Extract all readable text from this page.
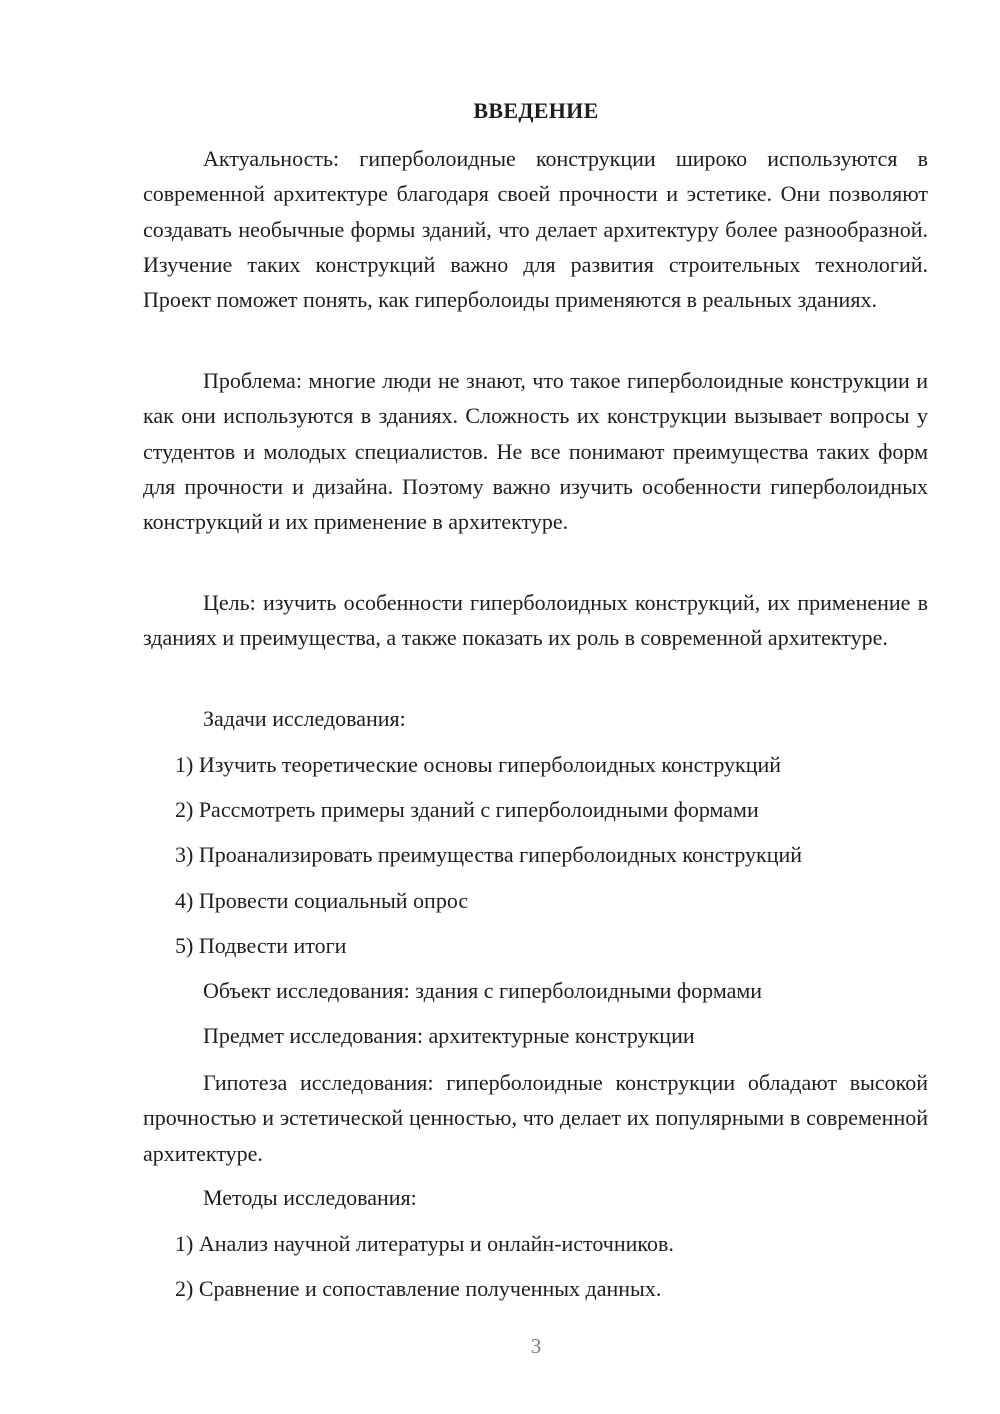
ВВЕДЕНИЕ

Актуальность: гиперболоидные конструкции широко используются в современной архитектуре благодаря своей прочности и эстетике. Они позволяют создавать необычные формы зданий, что делает архитектуру более разнообразной. Изучение таких конструкций важно для развития строительных технологий. Проект поможет понять, как гиперболоиды применяются в реальных зданиях.

Проблема: многие люди не знают, что такое гиперболоидные конструкции и как они используются в зданиях. Сложность их конструкции вызывает вопросы у студентов и молодых специалистов. Не все понимают преимущества таких форм для прочности и дизайна. Поэтому важно изучить особенности гиперболоидных конструкций и их применение в архитектуре.

Цель: изучить особенности гиперболоидных конструкций, их применение в зданиях и преимущества, а также показать их роль в современной архитектуре.

Задачи исследования:

1) Изучить теоретические основы гиперболоидных конструкций

2) Рассмотреть примеры зданий с гиперболоидными формами

3) Проанализировать преимущества гиперболоидных конструкций

4) Провести социальный опрос

5) Подвести итоги

Объект исследования: здания с гиперболоидными формами

Предмет исследования: архитектурные конструкции

Гипотеза исследования: гиперболоидные конструкции обладают высокой прочностью и эстетической ценностью, что делает их популярными в современной архитектуре.

Методы исследования:

1) Анализ научной литературы и онлайн-источников.

2) Сравнение и сопоставление полученных данных.

3
